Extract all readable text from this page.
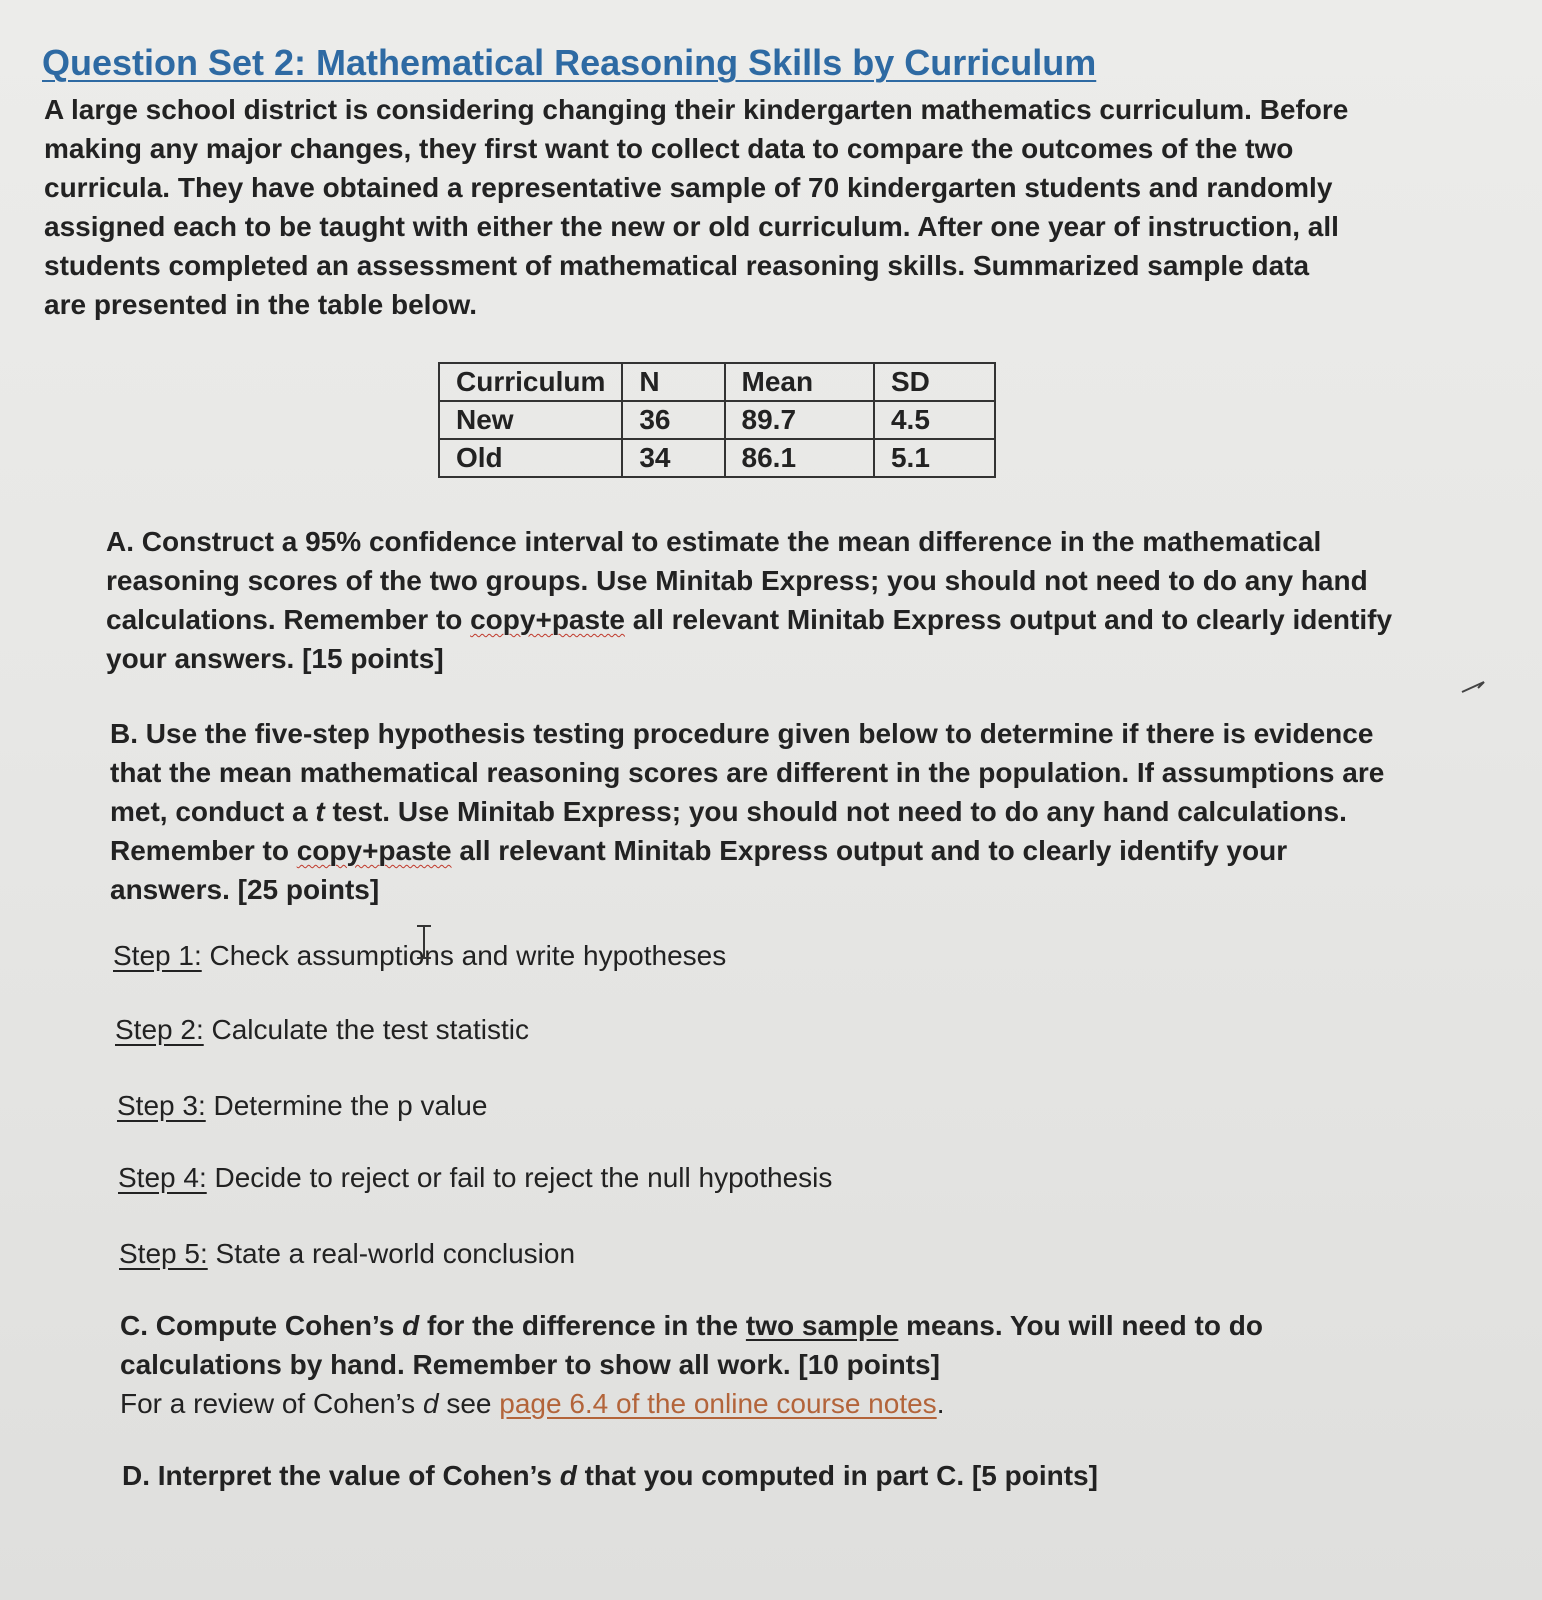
Question Set 2: Mathematical Reasoning Skills by Curriculum

A large school district is considering changing their kindergarten mathematics curriculum. Before making any major changes, they first want to collect data to compare the outcomes of the two curricula. They have obtained a representative sample of 70 kindergarten students and randomly assigned each to be taught with either the new or old curriculum. After one year of instruction, all students completed an assessment of mathematical reasoning skills. Summarized sample data are presented in the table below.

Curriculum	N	Mean	SD
New	36	89.7	4.5
Old	34	86.1	5.1

A. Construct a 95% confidence interval to estimate the mean difference in the mathematical reasoning scores of the two groups. Use Minitab Express; you should not need to do any hand calculations. Remember to copy+paste all relevant Minitab Express output and to clearly identify your answers. [15 points]

B. Use the five-step hypothesis testing procedure given below to determine if there is evidence that the mean mathematical reasoning scores are different in the population. If assumptions are met, conduct a t test. Use Minitab Express; you should not need to do any hand calculations. Remember to copy+paste all relevant Minitab Express output and to clearly identify your answers. [25 points]

Step 1: Check assumptions and write hypotheses

Step 2: Calculate the test statistic

Step 3: Determine the p value

Step 4: Decide to reject or fail to reject the null hypothesis

Step 5: State a real-world conclusion

C. Compute Cohen’s d for the difference in the two sample means. You will need to do calculations by hand. Remember to show all work. [10 points]
For a review of Cohen’s d see page 6.4 of the online course notes.

D. Interpret the value of Cohen’s d that you computed in part C. [5 points]
